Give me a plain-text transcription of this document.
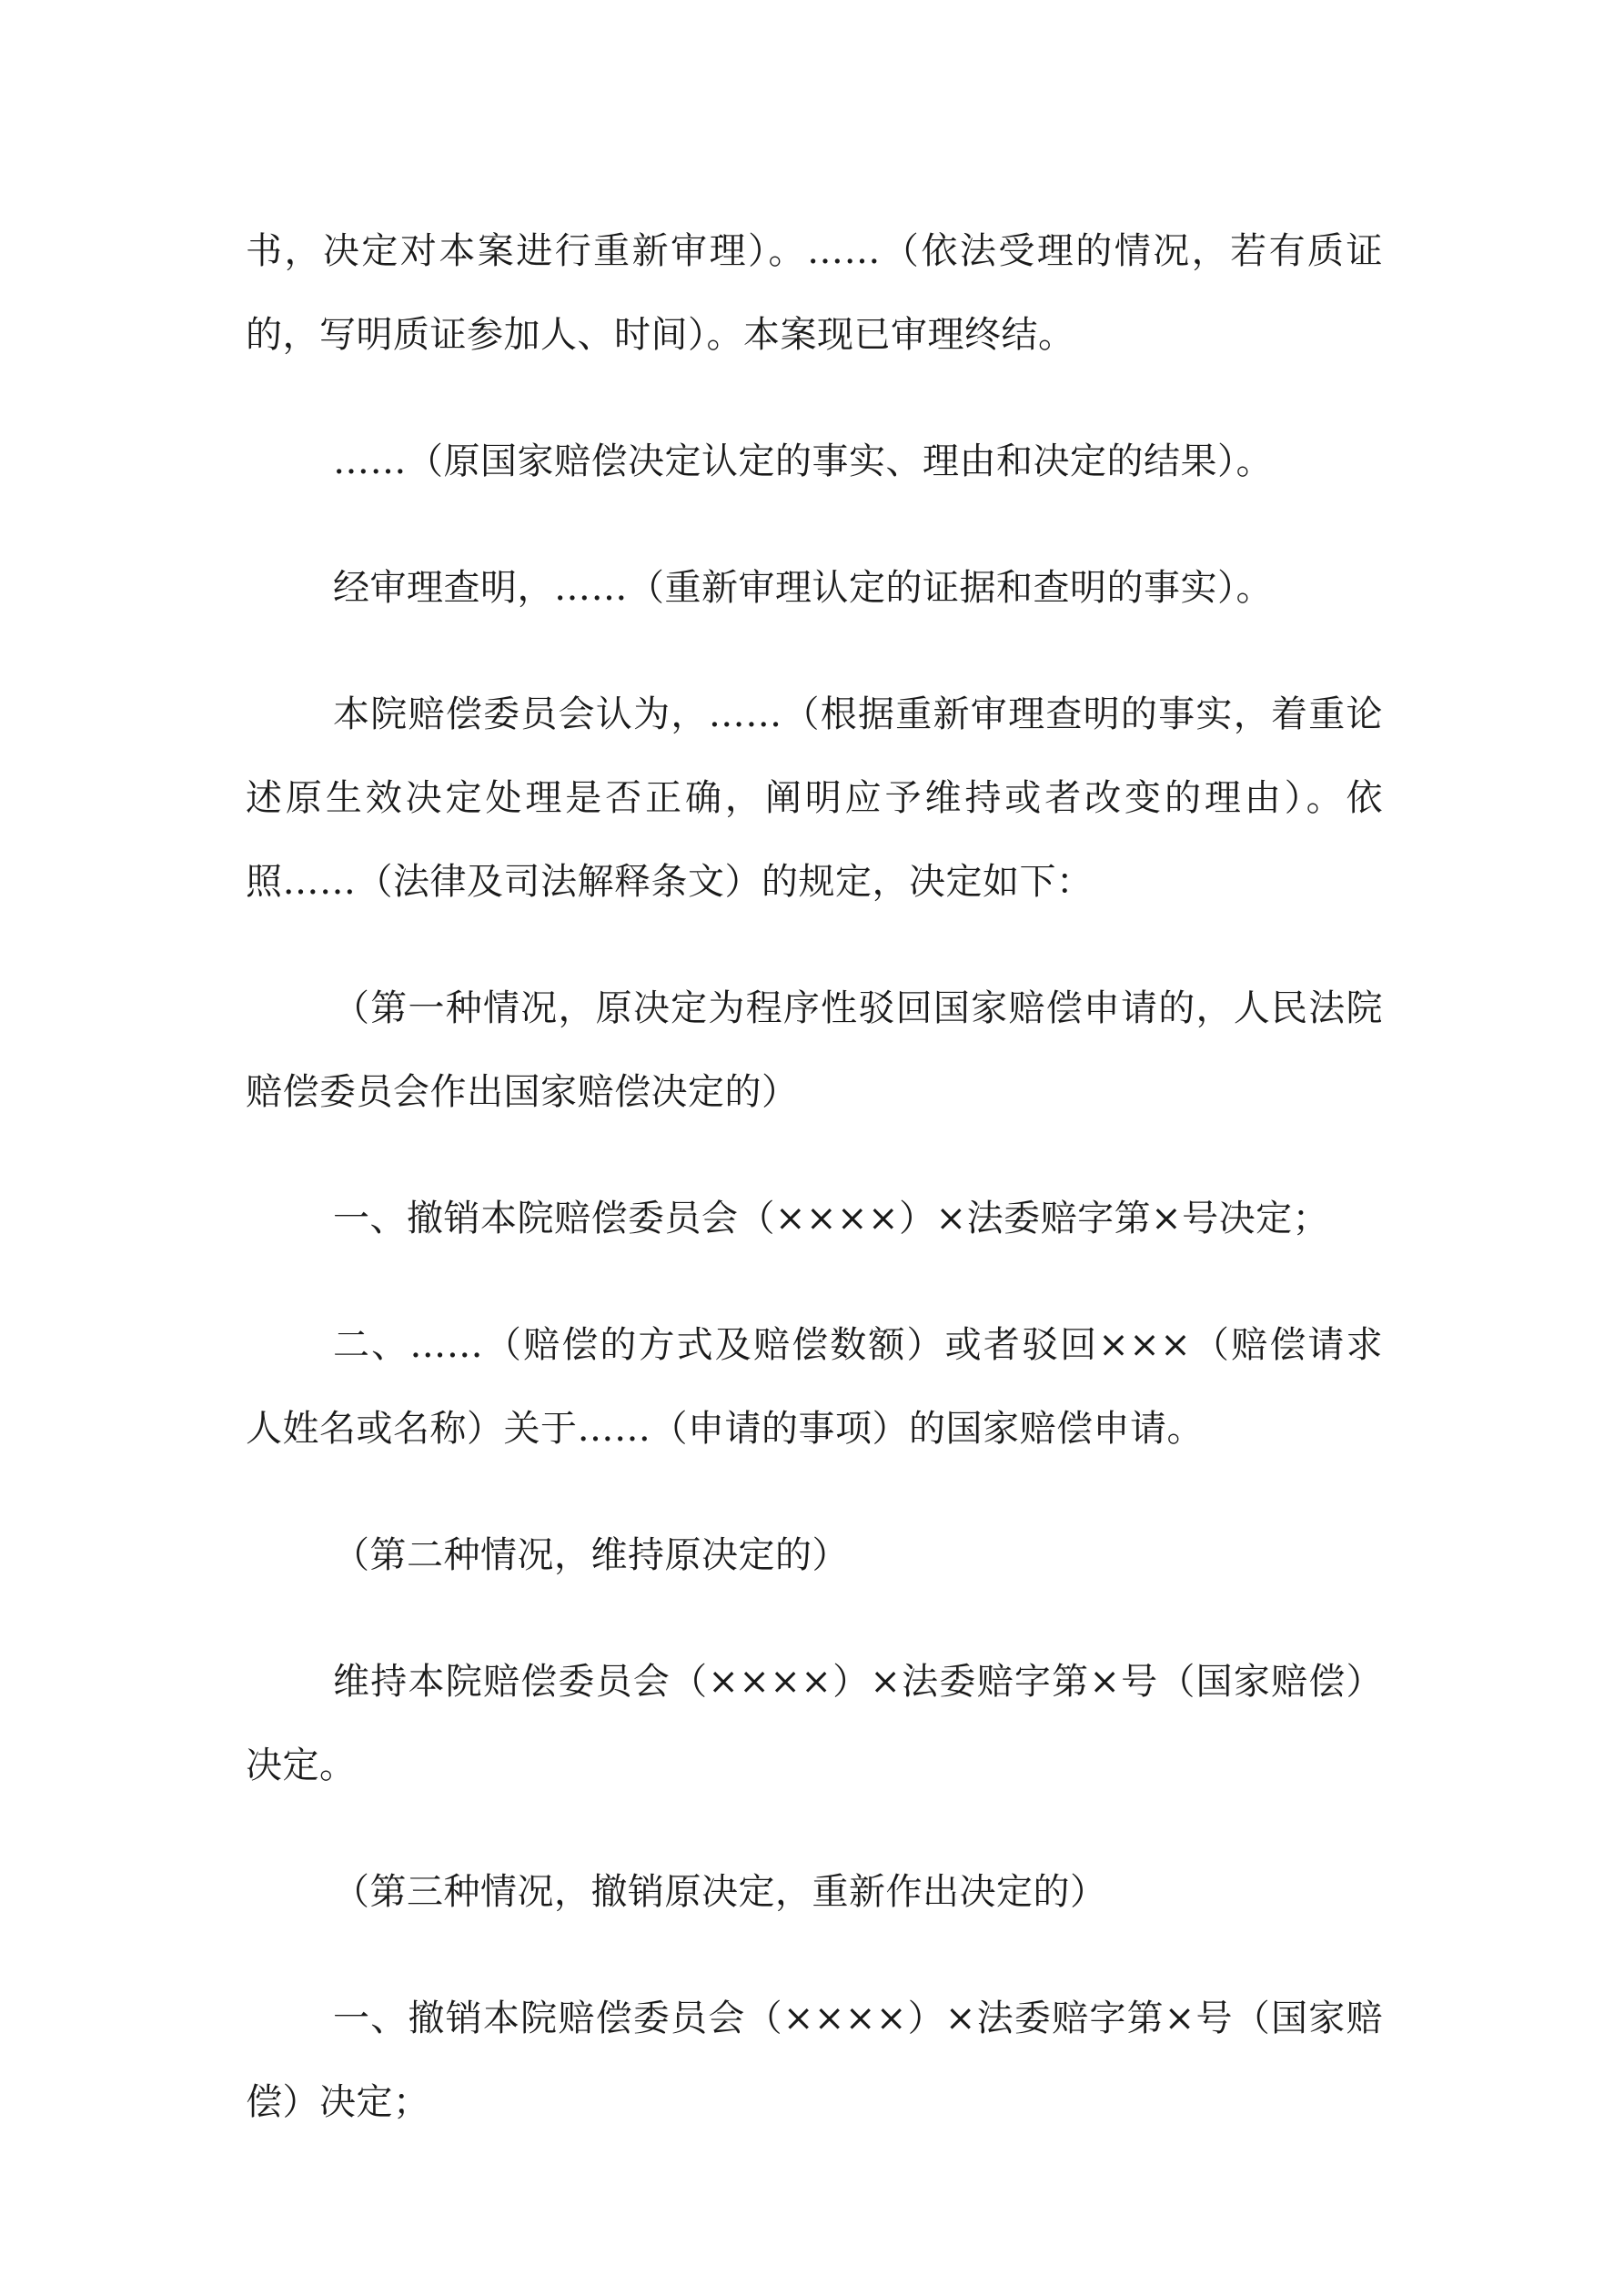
书，决定对本案进行重新审理）。……（依法受理的情况，若有质证的，写明质证参加人、时间）。本案现已审理终结。

……（原国家赔偿决定认定的事实、理由和决定的结果）。

经审理查明，……（重新审理认定的证据和查明的事实）。

本院赔偿委员会认为，……（根据重新审理查明的事实，着重论述原生效决定处理是否正确，阐明应予维持或者改变的理由）。依照……（法律及司法解释条文）的规定，决定如下：

（第一种情况，原决定为程序性驳回国家赔偿申请的，人民法院赔偿委员会作出国家赔偿决定的）

一、撤销本院赔偿委员会（××××）×法委赔字第×号决定；

二、……（赔偿的方式及赔偿数额）或者驳回×××（赔偿请求人姓名或名称）关于……（申请的事项）的国家赔偿申请。

（第二种情况，维持原决定的）

维持本院赔偿委员会（××××）×法委赔字第×号（国家赔偿）决定。

（第三种情况，撤销原决定，重新作出决定的）

一、撤销本院赔偿委员会（××××）×法委赔字第×号（国家赔偿）决定；
